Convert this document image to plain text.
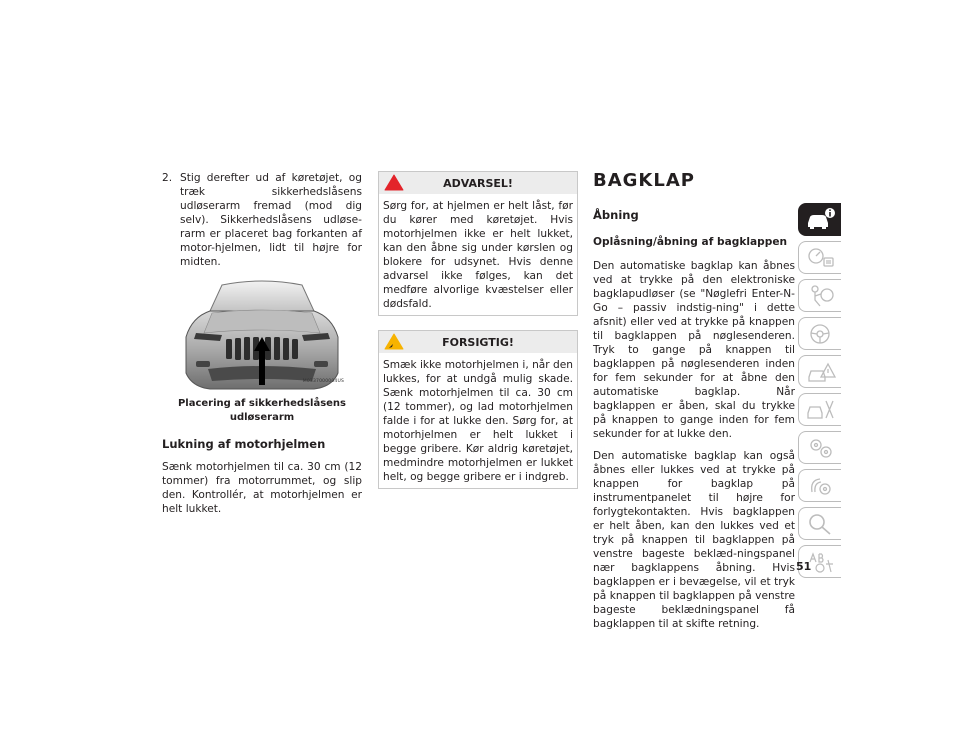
2. Stig derefter ud af køretøjet, og træk sikkerhedslåsens udløserarm fremad (mod dig selv). Sikkerhedslåsens udløse-rarm er placeret bag forkanten af motor-hjelmen, lidt til højre for midten.
M0337000004US
Placering af sikkerhedslåsens udløserarm
Lukning af motorhjelmen

Sænk motorhjelmen til ca. 30 cm (12 tommer) fra motorrummet, og slip den. Kontrollér, at motorhjelmen er helt lukket.

ADVARSEL!

Sørg for, at hjelmen er helt låst, før du kører med køretøjet. Hvis motorhjelmen ikke er helt lukket, kan den åbne sig under kørslen og blokere for udsynet. Hvis denne advarsel ikke følges, kan det medføre alvorlige kvæstelser eller dødsfald.

FORSIGTIG!

Smæk ikke motorhjelmen i, når den lukkes, for at undgå mulig skade. Sænk motorhjelmen til ca. 30 cm (12 tommer), og lad motorhjelmen falde i for at lukke den. Sørg for, at motorhjelmen er helt lukket i begge gribere. Kør aldrig køretøjet, medmindre motorhjelmen er lukket helt, og begge gribere er i indgreb.

BAGKLAP
Åbning
Oplåsning/åbning af bagklappen

Den automatiske bagklap kan åbnes ved at trykke på den elektroniske bagklapudløser (se "Nøglefri Enter-N-Go – passiv indstig-ning" i dette afsnit) eller ved at trykke på knappen til bagklappen på nøglesenderen. Tryk to gange på knappen til bagklappen på nøglesenderen inden for fem sekunder for at åbne den automatiske bagklap. Når bagklappen er åben, skal du trykke på knappen to gange inden for fem sekunder for at lukke den.

Den automatiske bagklap kan også åbnes eller lukkes ved at trykke på knappen for bagklap på instrumentpanelet til højre for forlygtekontakten. Hvis bagklappen er helt åben, kan den lukkes ved et tryk på knappen til bagklappen på venstre bageste beklæd-ningspanel nær bagklappens åbning. Hvis bagklappen er i bevægelse, vil et tryk på knappen til bagklappen på venstre bageste beklædningspanel få bagklappen til at skifte retning.

51
